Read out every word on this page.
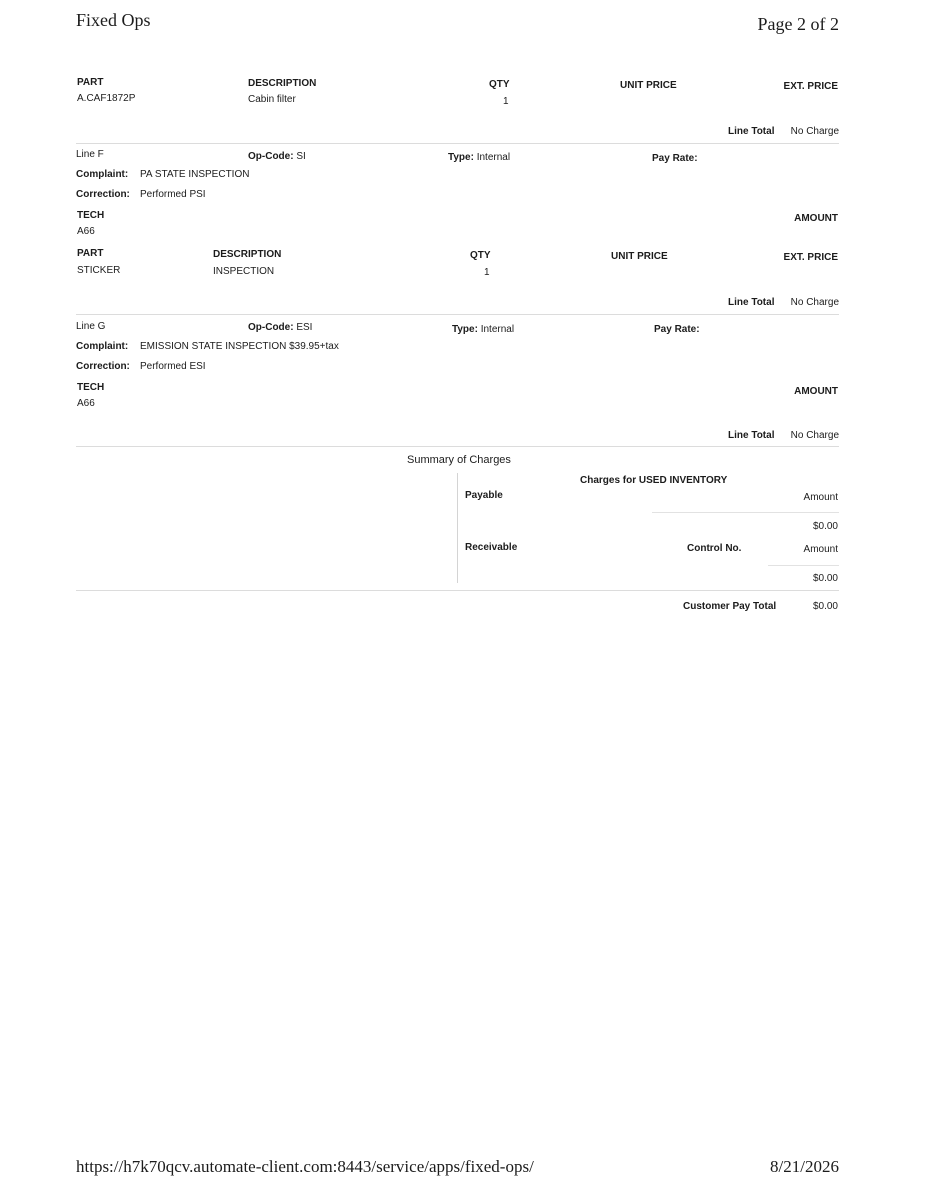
Fixed Ops	Page 2 of 2
PART	DESCRIPTION	QTY	UNIT PRICE	EXT. PRICE
A.CAF1872P	Cabin filter	1
Line Total No Charge
Line F	Op-Code: SI	Type: Internal	Pay Rate:
Complaint: PA STATE INSPECTION
Correction: Performed PSI
TECH
A66
AMOUNT
PART	DESCRIPTION	QTY	UNIT PRICE	EXT. PRICE
STICKER	INSPECTION	1
Line Total No Charge
Line G	Op-Code: ESI	Type: Internal	Pay Rate:
Complaint: EMISSION STATE INSPECTION $39.95+tax
Correction: Performed ESI
TECH
A66
AMOUNT
Line Total No Charge
Summary of Charges
Charges for USED INVENTORY
Payable	Amount
$0.00
Receivable	Control No.	Amount
$0.00
Customer Pay Total	$0.00
https://h7k70qcv.automate-client.com:8443/service/apps/fixed-ops/	8/21/2026
